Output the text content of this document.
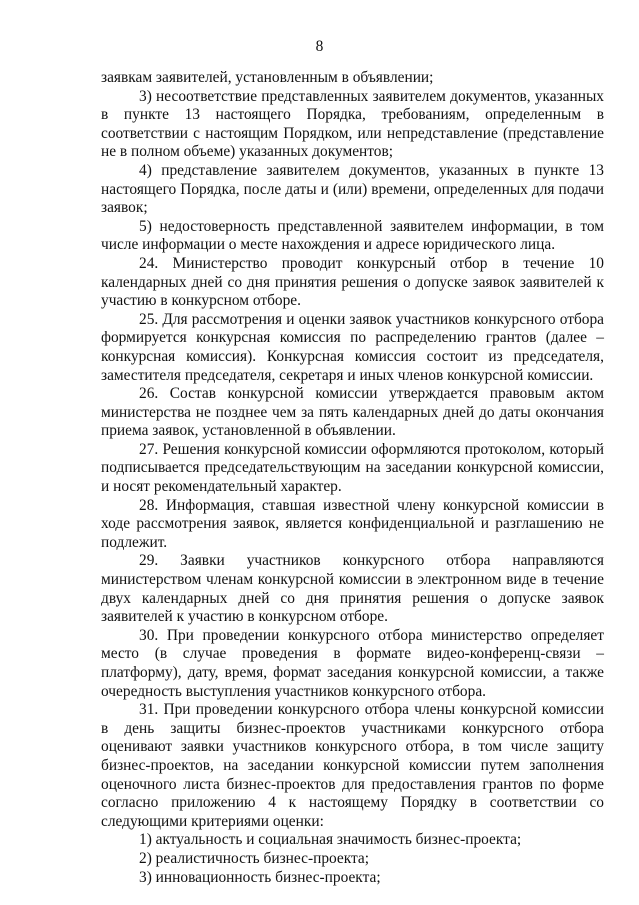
8

заявкам заявителей, установленным в объявлении;

3) несоответствие представленных заявителем документов, указанных в пункте 13 настоящего Порядка, требованиям, определенным в соответствии с настоящим Порядком, или непредставление (представление не в полном объеме) указанных документов;

4) представление заявителем документов, указанных в пункте 13 настоящего Порядка, после даты и (или) времени, определенных для подачи заявок;

5) недостоверность представленной заявителем информации, в том числе информации о месте нахождения и адресе юридического лица.

24. Министерство проводит конкурсный отбор в течение 10 календарных дней со дня принятия решения о допуске заявок заявителей к участию в конкурсном отборе.

25. Для рассмотрения и оценки заявок участников конкурсного отбора формируется конкурсная комиссия по распределению грантов (далее – конкурсная комиссия). Конкурсная комиссия состоит из председателя, заместителя председателя, секретаря и иных членов конкурсной комиссии.

26. Состав конкурсной комиссии утверждается правовым актом министерства не позднее чем за пять календарных дней до даты окончания приема заявок, установленной в объявлении.

27. Решения конкурсной комиссии оформляются протоколом, который подписывается председательствующим на заседании конкурсной комиссии, и носят рекомендательный характер.

28. Информация, ставшая известной члену конкурсной комиссии в ходе рассмотрения заявок, является конфиденциальной и разглашению не подлежит.

29. Заявки участников конкурсного отбора направляются министерством членам конкурсной комиссии в электронном виде в течение двух календарных дней со дня принятия решения о допуске заявок заявителей к участию в конкурсном отборе.

30. При проведении конкурсного отбора министерство определяет место (в случае проведения в формате видео-конференц-связи – платформу), дату, время, формат заседания конкурсной комиссии, а также очередность выступления участников конкурсного отбора.

31. При проведении конкурсного отбора члены конкурсной комиссии в день защиты бизнес-проектов участниками конкурсного отбора оценивают заявки участников конкурсного отбора, в том числе защиту бизнес-проектов, на заседании конкурсной комиссии путем заполнения оценочного листа бизнес-проектов для предоставления грантов по форме согласно приложению 4 к настоящему Порядку в соответствии со следующими критериями оценки:

1) актуальность и социальная значимость бизнес-проекта;

2) реалистичность бизнес-проекта;

3) инновационность бизнес-проекта;
